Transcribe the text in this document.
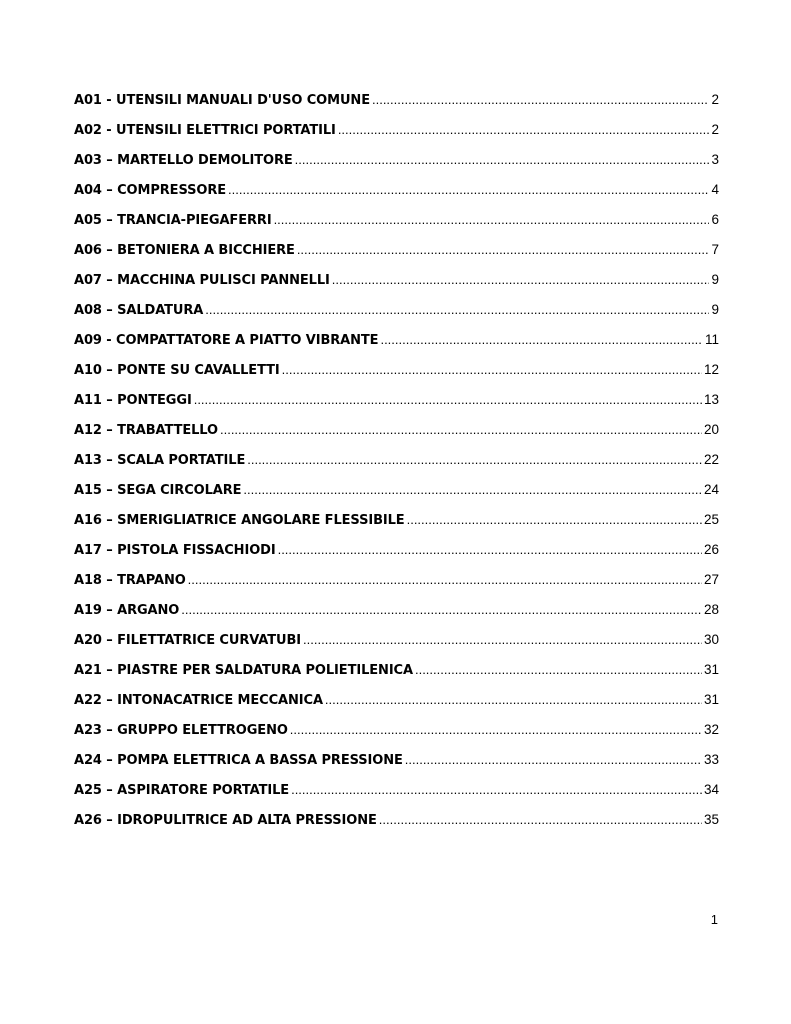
A01 - UTENSILI MANUALI D'USO COMUNE .....	2
A02 - UTENSILI ELETTRICI PORTATILI .....	2
A03 – MARTELLO DEMOLITORE .....	3
A04 – COMPRESSORE .....	4
A05 – TRANCIA-PIEGAFERRI .....	6
A06 – BETONIERA A BICCHIERE .....	7
A07 – MACCHINA PULISCI PANNELLI .....	9
A08 – SALDATURA .....	9
A09 - COMPATTATORE A PIATTO VIBRANTE .....	11
A10 – PONTE SU CAVALLETTI .....	12
A11 – PONTEGGI .....	13
A12 – TRABATTELLO .....	20
A13 – SCALA PORTATILE .....	22
A15 – SEGA CIRCOLARE .....	24
A16 – SMERIGLIATRICE ANGOLARE FLESSIBILE .....	25
A17 – PISTOLA FISSACHIODI .....	26
A18 – TRAPANO .....	27
A19 – ARGANO .....	28
A20 – FILETTATRICE CURVATUBI .....	30
A21 – PIASTRE PER SALDATURA POLIETILENICA .....	31
A22 – INTONACATRICE MECCANICA .....	31
A23 – GRUPPO ELETTROGENO .....	32
A24 – POMPA ELETTRICA A BASSA PRESSIONE .....	33
A25 – ASPIRATORE PORTATILE .....	34
A26 – IDROPULITRICE AD ALTA PRESSIONE .....	35
1
